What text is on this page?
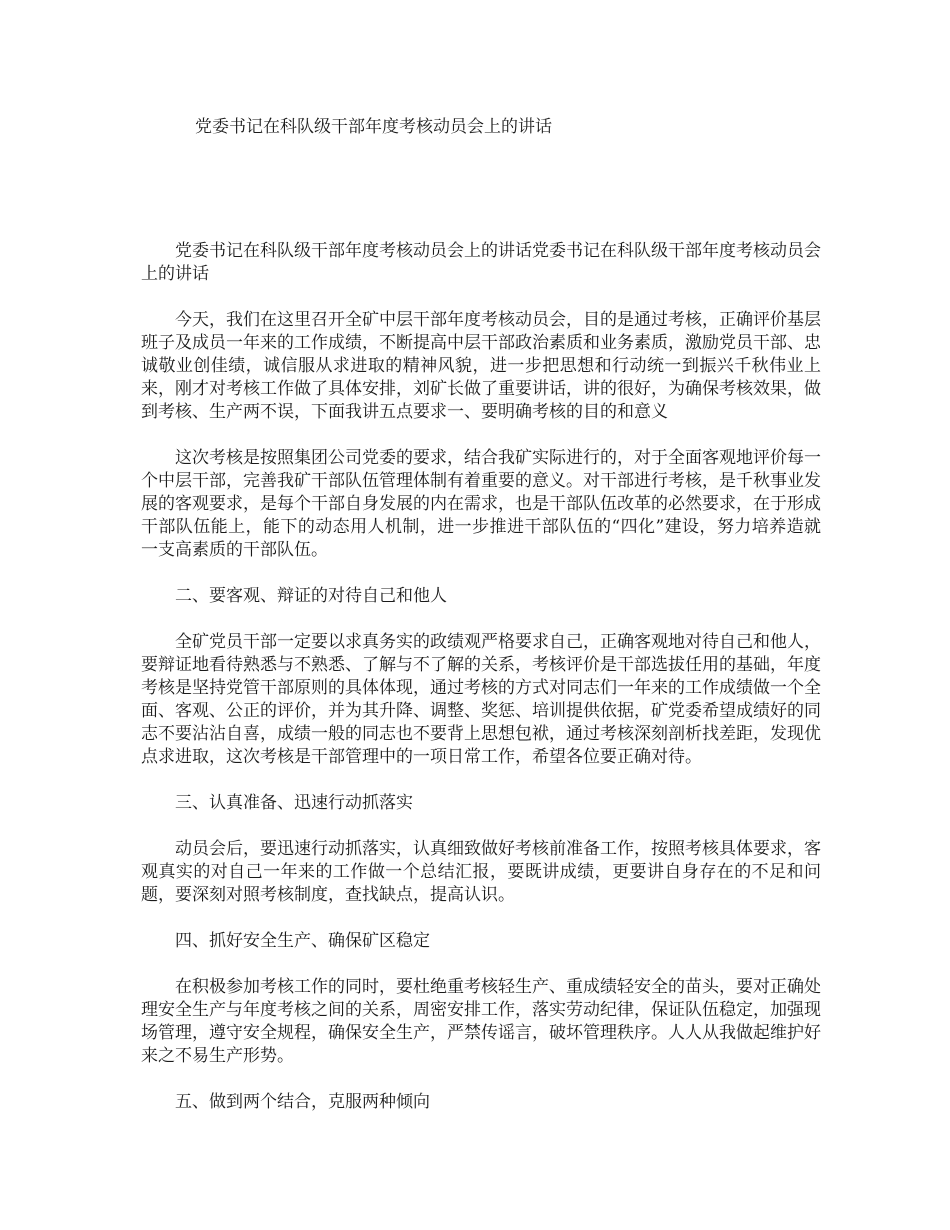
党委书记在科队级干部年度考核动员会上的讲话

党委书记在科队级干部年度考核动员会上的讲话党委书记在科队级干部年度考核动员会上的讲话

今天，我们在这里召开全矿中层干部年度考核动员会，目的是通过考核，正确评价基层班子及成员一年来的工作成绩，不断提高中层干部政治素质和业务素质，激励党员干部、忠诚敬业创佳绩，诚信服从求进取的精神风貌，进一步把思想和行动统一到振兴千秋伟业上来，刚才对考核工作做了具体安排，刘矿长做了重要讲话，讲的很好，为确保考核效果，做到考核、生产两不误，下面我讲五点要求一、要明确考核的目的和意义

这次考核是按照集团公司党委的要求，结合我矿实际进行的，对于全面客观地评价每一个中层干部，完善我矿干部队伍管理体制有着重要的意义。对干部进行考核，是千秋事业发展的客观要求，是每个干部自身发展的内在需求，也是干部队伍改革的必然要求，在于形成干部队伍能上，能下的动态用人机制，进一步推进干部队伍的“四化”建设，努力培养造就一支高素质的干部队伍。

二、要客观、辩证的对待自己和他人

全矿党员干部一定要以求真务实的政绩观严格要求自己，正确客观地对待自己和他人，要辩证地看待熟悉与不熟悉、了解与不了解的关系，考核评价是干部选拔任用的基础，年度考核是坚持党管干部原则的具体体现，通过考核的方式对同志们一年来的工作成绩做一个全面、客观、公正的评价，并为其升降、调整、奖惩、培训提供依据，矿党委希望成绩好的同志不要沾沾自喜，成绩一般的同志也不要背上思想包袱，通过考核深刻剖析找差距，发现优点求进取，这次考核是干部管理中的一项日常工作，希望各位要正确对待。

三、认真准备、迅速行动抓落实

动员会后，要迅速行动抓落实，认真细致做好考核前准备工作，按照考核具体要求，客观真实的对自己一年来的工作做一个总结汇报，要既讲成绩，更要讲自身存在的不足和问题，要深刻对照考核制度，查找缺点，提高认识。

四、抓好安全生产、确保矿区稳定

在积极参加考核工作的同时，要杜绝重考核轻生产、重成绩轻安全的苗头，要对正确处理安全生产与年度考核之间的关系，周密安排工作，落实劳动纪律，保证队伍稳定，加强现场管理，遵守安全规程，确保安全生产，严禁传谣言，破坏管理秩序。人人从我做起维护好来之不易生产形势。

五、做到两个结合，克服两种倾向
